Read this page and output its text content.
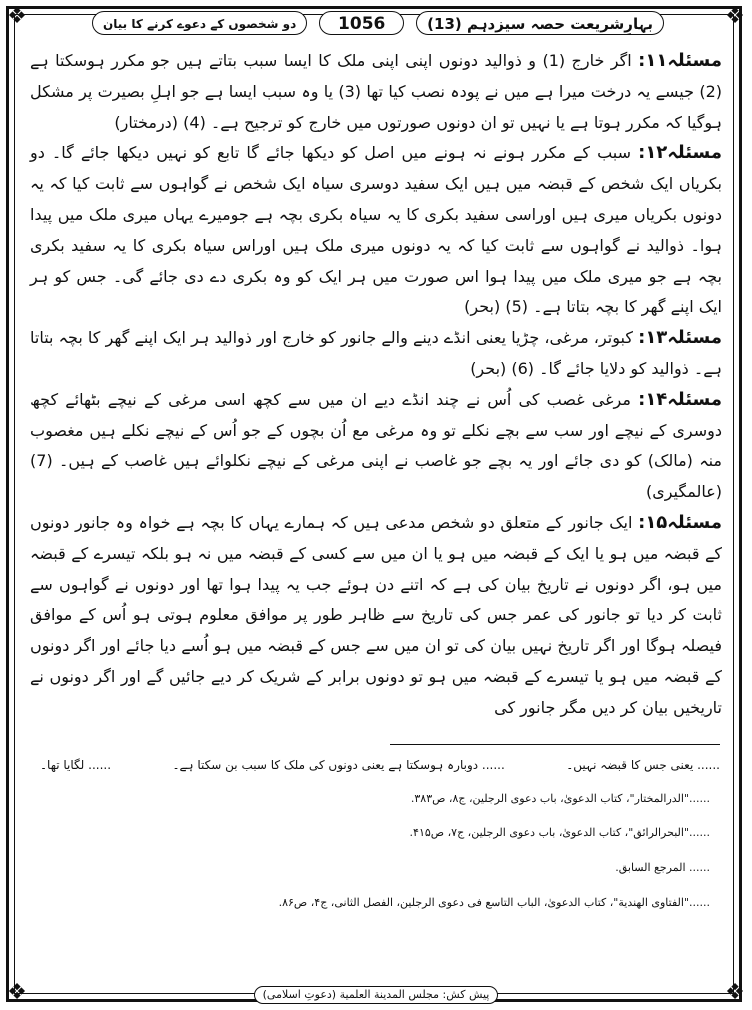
❖	❖
❖	❖
بہارِشریعت حصہ سیزدہم (13)
1056
دو شخصوں کے دعوے کرنے کا بیان

مسئلہ۱۱: اگر خارج (1) و ذوالید دونوں اپنی اپنی ملک کا ایسا سبب بتاتے ہیں جو مکرر ہوسکتا ہے (2) جیسے یہ درخت میرا ہے میں نے پودہ نصب کیا تھا (3) یا وہ سبب ایسا ہے جو اہلِ بصیرت پر مشکل ہوگیا کہ مکرر ہوتا ہے یا نہیں تو ان دونوں صورتوں میں خارج کو ترجیح ہے۔ (4) (درمختار)

مسئلہ۱۲: سبب کے مکرر ہونے نہ ہونے میں اصل کو دیکھا جائے گا تابع کو نہیں دیکھا جائے گا۔ دو بکریاں ایک شخص کے قبضہ میں ہیں ایک سفید دوسری سیاہ ایک شخص نے گواہوں سے ثابت کیا کہ یہ دونوں بکریاں میری ہیں اوراسی سفید بکری کا یہ سیاہ بکری بچہ ہے جومیرے یہاں میری ملک میں پیدا ہوا۔ ذوالید نے گواہوں سے ثابت کیا کہ یہ دونوں میری ملک ہیں اوراس سیاہ بکری کا یہ سفید بکری بچہ ہے جو میری ملک میں پیدا ہوا اس صورت میں ہر ایک کو وہ بکری دے دی جائے گی۔ جس کو ہر ایک اپنے گھر کا بچہ بتاتا ہے۔ (5) (بحر)

مسئلہ۱۳: کبوتر، مرغی، چڑیا یعنی انڈے دینے والے جانور کو خارج اور ذوالید ہر ایک اپنے گھر کا بچہ بتاتا ہے۔ ذوالید کو دلایا جائے گا۔ (6) (بحر)

مسئلہ۱۴: مرغی غصب کی اُس نے چند انڈے دیے ان میں سے کچھ اسی مرغی کے نیچے بٹھائے کچھ دوسری کے نیچے اور سب سے بچے نکلے تو وہ مرغی مع اُن بچوں کے جو اُس کے نیچے نکلے ہیں مغصوب منہ (مالک) کو دی جائے اور یہ بچے جو غاصب نے اپنی مرغی کے نیچے نکلوائے ہیں غاصب کے ہیں۔ (7) (عالمگیری)

مسئلہ۱۵: ایک جانور کے متعلق دو شخص مدعی ہیں کہ ہمارے یہاں کا بچہ ہے خواہ وہ جانور دونوں کے قبضہ میں ہو یا ایک کے قبضہ میں ہو یا ان میں سے کسی کے قبضہ میں نہ ہو بلکہ تیسرے کے قبضہ میں ہو، اگر دونوں نے تاریخ بیان کی ہے کہ اتنے دن ہوئے جب یہ پیدا ہوا تھا اور دونوں نے گواہوں سے ثابت کر دیا تو جانور کی عمر جس کی تاریخ سے ظاہر طور پر موافق معلوم ہوتی ہو اُس کے موافق فیصلہ ہوگا اور اگر تاریخ نہیں بیان کی تو ان میں سے جس کے قبضہ میں ہو اُسے دیا جائے اور اگر دونوں کے قبضہ میں ہو یا تیسرے کے قبضہ میں ہو تو دونوں برابر کے شریک کر دیے جائیں گے اور اگر دونوں نے تاریخیں بیان کر دیں مگر جانور کی

...... یعنی جس کا قبضہ نہیں۔
...... دوبارہ ہوسکتا ہے یعنی دونوں کی ملک کا سبب بن سکتا ہے۔
...... لگایا تھا۔
......"الدرالمختار"، کتاب الدعویٰ، باب دعوی الرجلین، ج۸، ص۳۸۳.
......"البحرالرائق"، کتاب الدعویٰ، باب دعوی الرجلین، ج۷، ص۴۱۵.
...... المرجع السابق.
......"الفتاوی الهندية"، کتاب الدعویٰ، الباب التاسع فی دعوی الرجلین، الفصل الثانی، ج۴، ص۸۶.
پیش کش: مجلس المدینة العلمیة (دعوتِ اسلامی)
